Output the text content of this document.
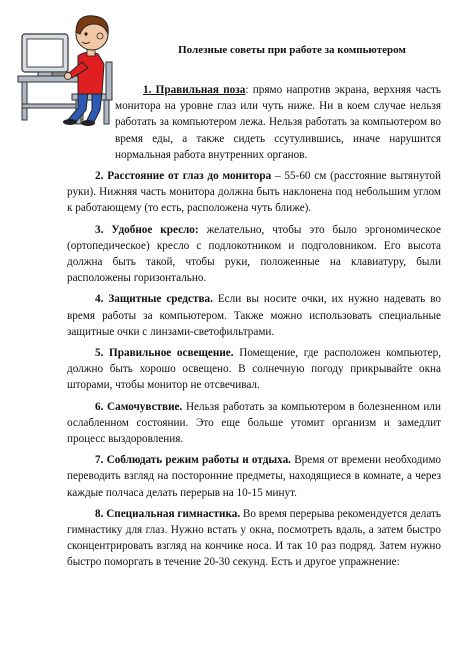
Полезные советы при работе за компьютером

1. Правильная поза: прямо напротив экрана, верхняя часть монитора на уровне глаз или чуть ниже. Ни в коем случае нельзя работать за компьютером лежа. Нельзя работать за компьютером во время еды, а также сидеть ссутулившись, иначе нарушится нормальная работа внутренних органов.

2. Расстояние от глаз до монитора – 55-60 см (расстояние вытянутой руки). Нижняя часть монитора должна быть наклонена под небольшим углом к работающему (то есть, расположена чуть ближе).

3. Удобное кресло: желательно, чтобы это было эргономическое (ортопедическое) кресло с подлокотником и подголовником. Его высота должна быть такой, чтобы руки, положенные на клавиатуру, были расположены горизонтально.

4. Защитные средства. Если вы носите очки, их нужно надевать во время работы за компьютером. Также можно использовать специальные защитные очки с линзами-светофильтрами.

5. Правильное освещение. Помещение, где расположен компьютер, должно быть хорошо освещено. В солнечную погоду прикрывайте окна шторами, чтобы монитор не отсвечивал.

6. Самочувствие. Нельзя работать за компьютером в болезненном или ослабленном состоянии. Это еще больше утомит организм и замедлит процесс выздоровления.

7. Соблюдать режим работы и отдыха. Время от времени необходимо переводить взгляд на посторонние предметы, находящиеся в комнате, а через каждые полчаса делать перерыв на 10-15 минут.

8. Специальная гимнастика. Во время перерыва рекомендуется делать гимнастику для глаз. Нужно встать у окна, посмотреть вдаль, а затем быстро сконцентрировать взгляд на кончике носа. И так 10 раз подряд. Затем нужно быстро поморгать в течение 20-30 секунд. Есть и другое упражнение:
